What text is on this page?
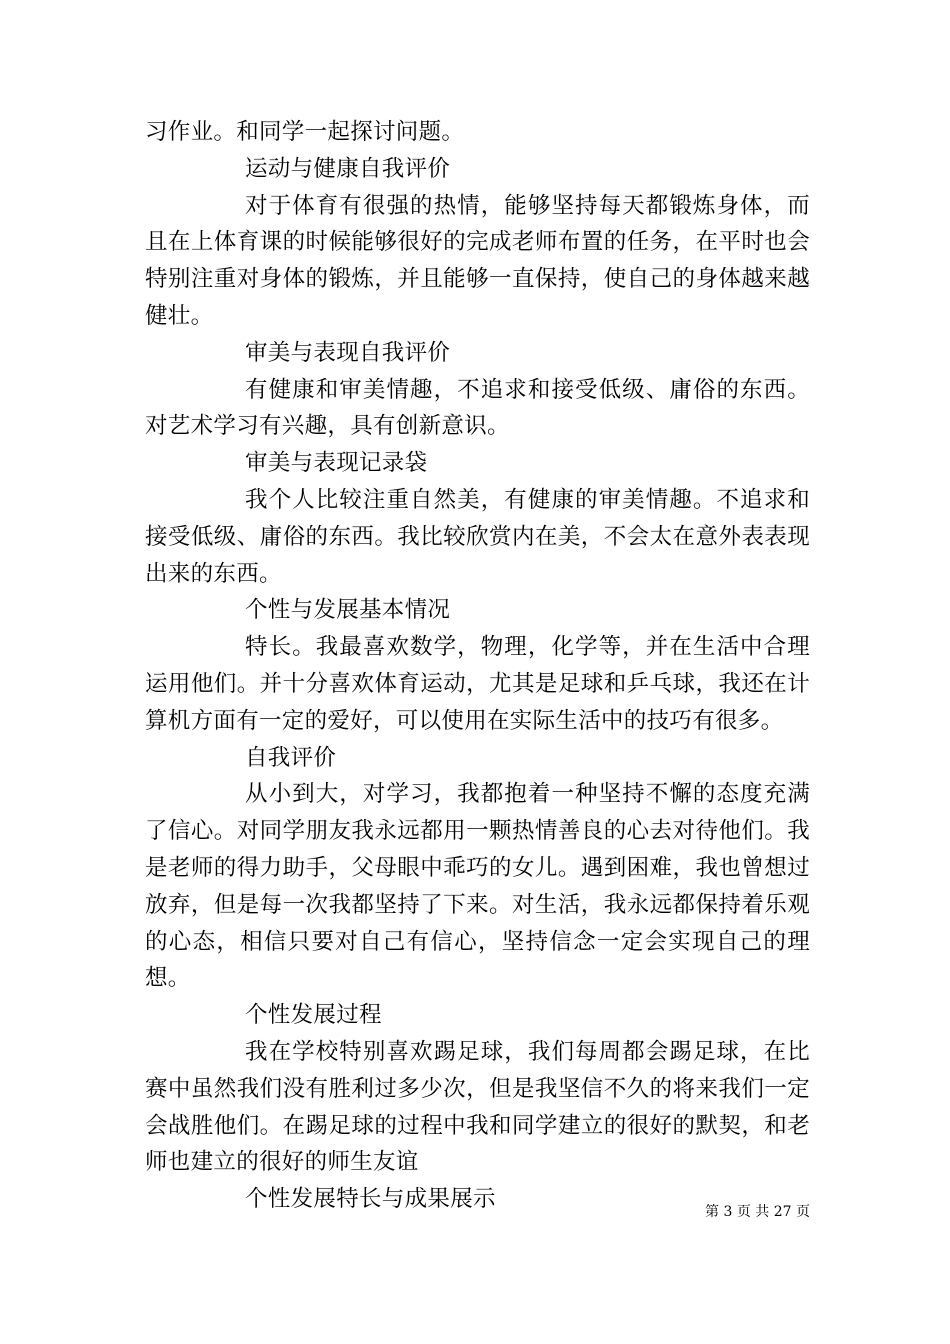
习作业。和同学一起探讨问题。

运动与健康自我评价

对于体育有很强的热情，能够坚持每天都锻炼身体，而且在上体育课的时候能够很好的完成老师布置的任务，在平时也会特别注重对身体的锻炼，并且能够一直保持，使自己的身体越来越健壮。

审美与表现自我评价

有健康和审美情趣，不追求和接受低级、庸俗的东西。对艺术学习有兴趣，具有创新意识。

审美与表现记录袋

我个人比较注重自然美，有健康的审美情趣。不追求和接受低级、庸俗的东西。我比较欣赏内在美，不会太在意外表表现出来的东西。

个性与发展基本情况

特长。我最喜欢数学，物理，化学等，并在生活中合理运用他们。并十分喜欢体育运动，尤其是足球和乒乓球，我还在计算机方面有一定的爱好，可以使用在实际生活中的技巧有很多。

自我评价

从小到大，对学习，我都抱着一种坚持不懈的态度充满了信心。对同学朋友我永远都用一颗热情善良的心去对待他们。我是老师的得力助手，父母眼中乖巧的女儿。遇到困难，我也曾想过放弃，但是每一次我都坚持了下来。对生活，我永远都保持着乐观的心态，相信只要对自己有信心，坚持信念一定会实现自己的理想。

个性发展过程

我在学校特别喜欢踢足球，我们每周都会踢足球，在比赛中虽然我们没有胜利过多少次，但是我坚信不久的将来我们一定会战胜他们。在踢足球的过程中我和同学建立的很好的默契，和老师也建立的很好的师生友谊

个性发展特长与成果展示	第 3 页 共 27 页
